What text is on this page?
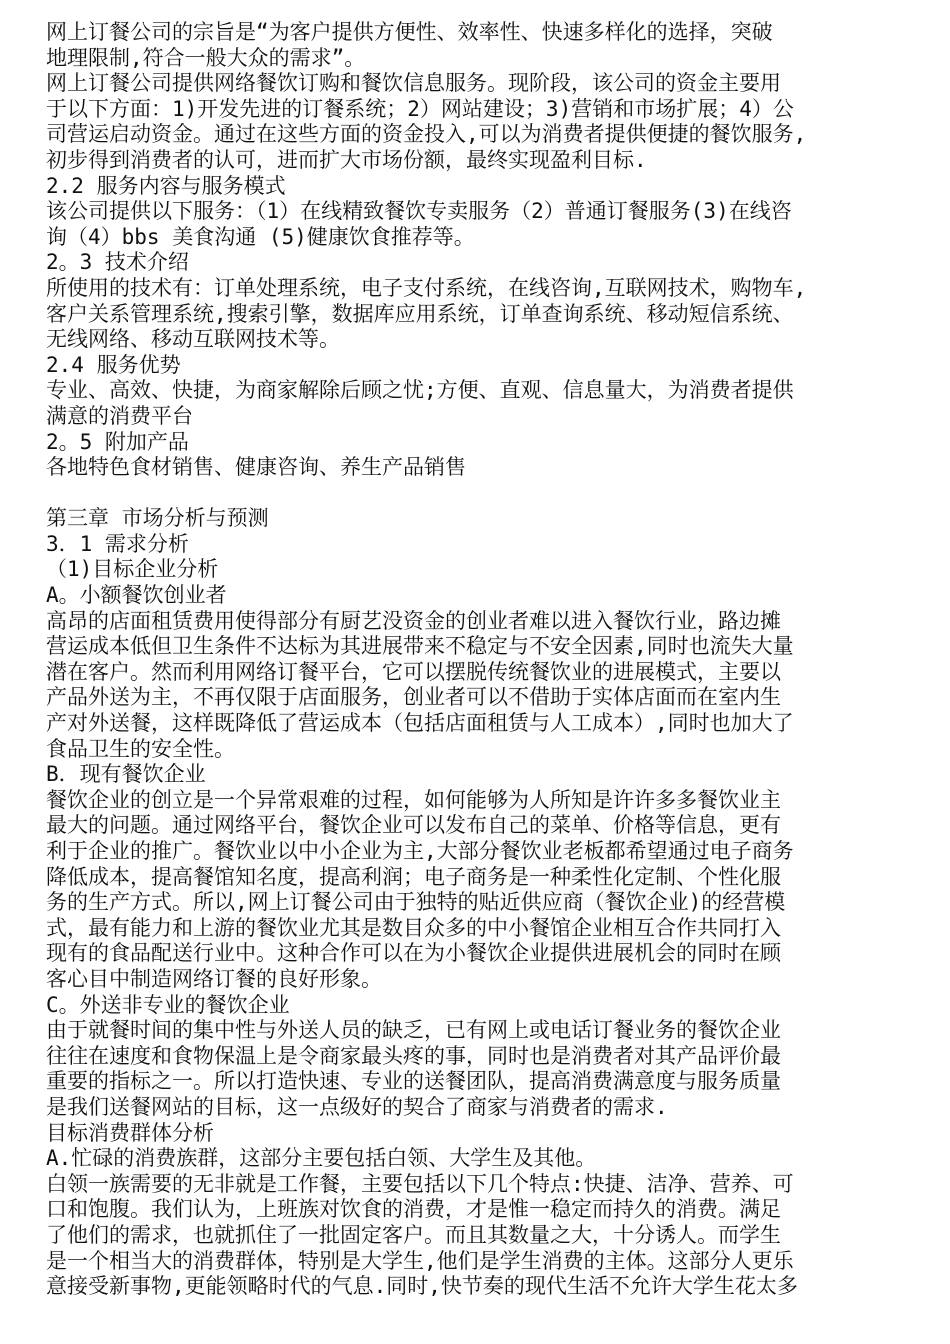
网上订餐公司的宗旨是“为客户提供方便性、效率性、快速多样化的选择，突破
地理限制,符合一般大众的需求”。
网上订餐公司提供网络餐饮订购和餐饮信息服务。现阶段，该公司的资金主要用
于以下方面：1)开发先进的订餐系统；2）网站建设；3)营销和市场扩展；4）公
司营运启动资金。通过在这些方面的资金投入,可以为消费者提供便捷的餐饮服务,
初步得到消费者的认可，进而扩大市场份额，最终实现盈利目标.
2.2 服务内容与服务模式
该公司提供以下服务：（1）在线精致餐饮专卖服务（2）普通订餐服务(3)在线咨
询（4）bbs 美食沟通 (5)健康饮食推荐等。
2。3 技术介绍
所使用的技术有：订单处理系统，电子支付系统，在线咨询,互联网技术，购物车,
客户关系管理系统,搜索引擎，数据库应用系统，订单查询系统、移动短信系统、
无线网络、移动互联网技术等。
2.4 服务优势
专业、高效、快捷，为商家解除后顾之忧;方便、直观、信息量大，为消费者提供
满意的消费平台
2。5 附加产品
各地特色食材销售、健康咨询、养生产品销售
第三章 市场分析与预测
3．1 需求分析
（1)目标企业分析
A。小额餐饮创业者
高昂的店面租赁费用使得部分有厨艺没资金的创业者难以进入餐饮行业，路边摊
营运成本低但卫生条件不达标为其进展带来不稳定与不安全因素,同时也流失大量
潜在客户。然而利用网络订餐平台，它可以摆脱传统餐饮业的进展模式，主要以
产品外送为主，不再仅限于店面服务，创业者可以不借助于实体店面而在室内生
产对外送餐，这样既降低了营运成本（包括店面租赁与人工成本）,同时也加大了
食品卫生的安全性。
B．现有餐饮企业
餐饮企业的创立是一个异常艰难的过程，如何能够为人所知是许许多多餐饮业主
最大的问题。通过网络平台，餐饮企业可以发布自己的菜单、价格等信息，更有
利于企业的推广。餐饮业以中小企业为主,大部分餐饮业老板都希望通过电子商务
降低成本，提高餐馆知名度，提高利润；电子商务是一种柔性化定制、个性化服
务的生产方式。所以,网上订餐公司由于独特的贴近供应商（餐饮企业)的经营模
式，最有能力和上游的餐饮业尤其是数目众多的中小餐馆企业相互合作共同打入
现有的食品配送行业中。这种合作可以在为小餐饮企业提供进展机会的同时在顾
客心目中制造网络订餐的良好形象。
C。外送非专业的餐饮企业
由于就餐时间的集中性与外送人员的缺乏，已有网上或电话订餐业务的餐饮企业
往往在速度和食物保温上是令商家最头疼的事，同时也是消费者对其产品评价最
重要的指标之一。所以打造快速、专业的送餐团队，提高消费满意度与服务质量
是我们送餐网站的目标，这一点级好的契合了商家与消费者的需求.
目标消费群体分析
A.忙碌的消费族群，这部分主要包括白领、大学生及其他。
白领一族需要的无非就是工作餐，主要包括以下几个特点:快捷、洁净、营养、可
口和饱腹。我们认为，上班族对饮食的消费，才是惟一稳定而持久的消费。满足
了他们的需求，也就抓住了一批固定客户。而且其数量之大，十分诱人。而学生
是一个相当大的消费群体，特别是大学生,他们是学生消费的主体。这部分人更乐
意接受新事物,更能领略时代的气息.同时,快节奏的现代生活不允许大学生花太多
